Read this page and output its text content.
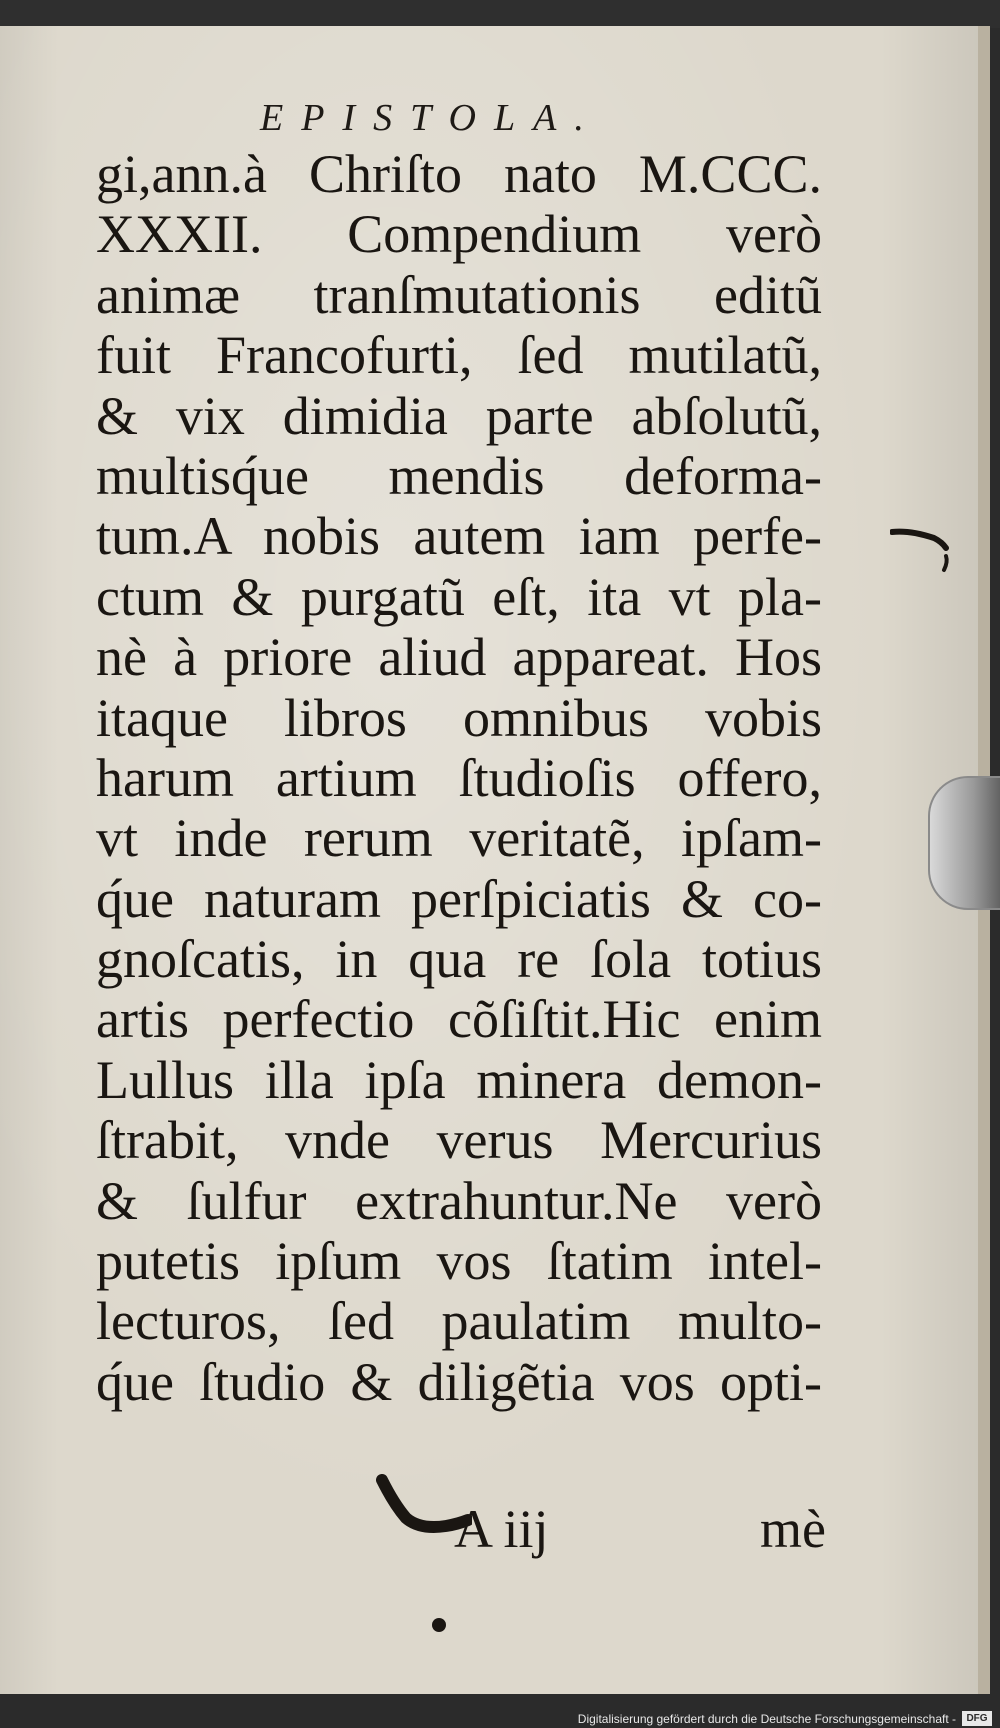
EPISTOLA.
gi,ann.à Chriſto nato M.CCC.
XXXII. Compendium verò
animæ tranſmutationis editũ
fuit Francofurti, ſed mutilatũ,
& vix dimidia parte abſolutũ,
multisq́ue mendis deforma-
tum.A nobis autem iam perfe-
ctum & purgatũ eſt, ita vt pla-
nè à priore aliud appareat. Hos
itaque libros omnibus vobis
harum artium ſtudioſis offero,
vt inde rerum veritatẽ, ipſam-
q́ue naturam perſpiciatis & co-
gnoſcatis, in qua re ſola totius
artis perfectio cõſiſtit.Hic enim
Lullus illa ipſa minera demon-
ſtrabit, vnde verus Mercurius
& ſulfur extrahuntur.Ne verò
putetis ipſum vos ſtatim intel-
lecturos, ſed paulatim multo-
q́ue ſtudio & diligẽtia vos opti-
A iij	mè
Digitalisierung gefördert durch die Deutsche Forschungsgemeinschaft -	DFG
